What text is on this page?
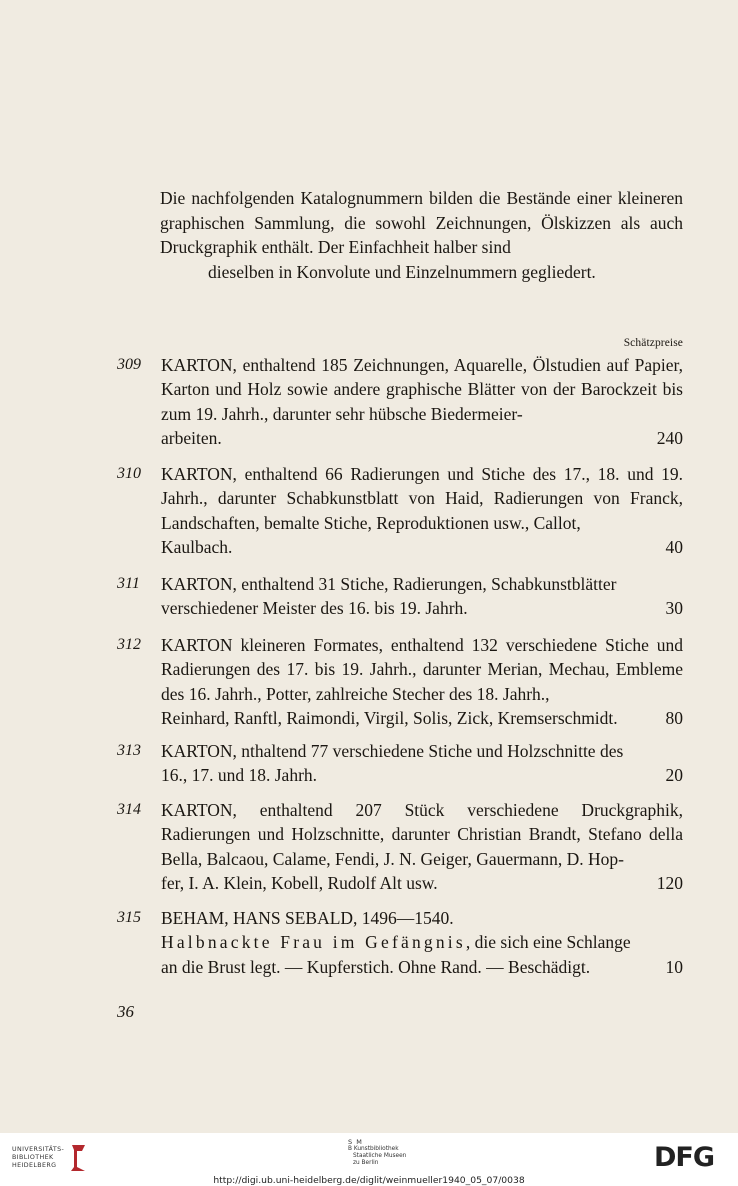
Die nachfolgenden Katalognummern bilden die Bestände einer kleineren graphischen Sammlung, die sowohl Zeichnungen, Ölskizzen als auch Druckgraphik enthält. Der Einfachheit halber sind
dieselben in Konvolute und Einzelnummern gegliedert.
Schätzpreise
309 KARTON, enthaltend 185 Zeichnungen, Aquarelle, Ölstudien auf Papier, Karton und Holz sowie andere graphische Blätter von der Barockzeit bis zum 19. Jahrh., darunter sehr hübsche Biedermeier-
arbeiten.	240
310 KARTON, enthaltend 66 Radierungen und Stiche des 17., 18. und 19. Jahrh., darunter Schabkunstblatt von Haid, Radierungen von Franck, Landschaften, bemalte Stiche, Reproduktionen usw., Callot,
Kaulbach.	40
311 KARTON, enthaltend 31 Stiche, Radierungen, Schabkunstblätter
verschiedener Meister des 16. bis 19. Jahrh.	30
312 KARTON kleineren Formates, enthaltend 132 verschiedene Stiche und Radierungen des 17. bis 19. Jahrh., darunter Merian, Mechau, Embleme des 16. Jahrh., Potter, zahlreiche Stecher des 18. Jahrh.,
Reinhard, Ranftl, Raimondi, Virgil, Solis, Zick, Kremserschmidt.	80
313 KARTON, nthaltend 77 verschiedene Stiche und Holzschnitte des
16., 17. und 18. Jahrh.	20
314 KARTON, enthaltend 207 Stück verschiedene Druckgraphik, Radierungen und Holzschnitte, darunter Christian Brandt, Stefano della Bella, Balcaou, Calame, Fendi, J. N. Geiger, Gauermann, D. Hop-
fer, I. A. Klein, Kobell, Rudolf Alt usw.	120
315 BEHAM, HANS SEBALD, 1496—1540.
Halbnackte Frau im Gefängnis, die sich eine Schlange
an die Brust legt. — Kupferstich. Ohne Rand. — Beschädigt.	10
36
UNIVERSITÄTS-
BIBLIOTHEK
HEIDELBERG
S M
B Kunstbibliothek
Staatliche Museen
zu Berlin	DFG
http://digi.ub.uni-heidelberg.de/diglit/weinmueller1940_05_07/0038
